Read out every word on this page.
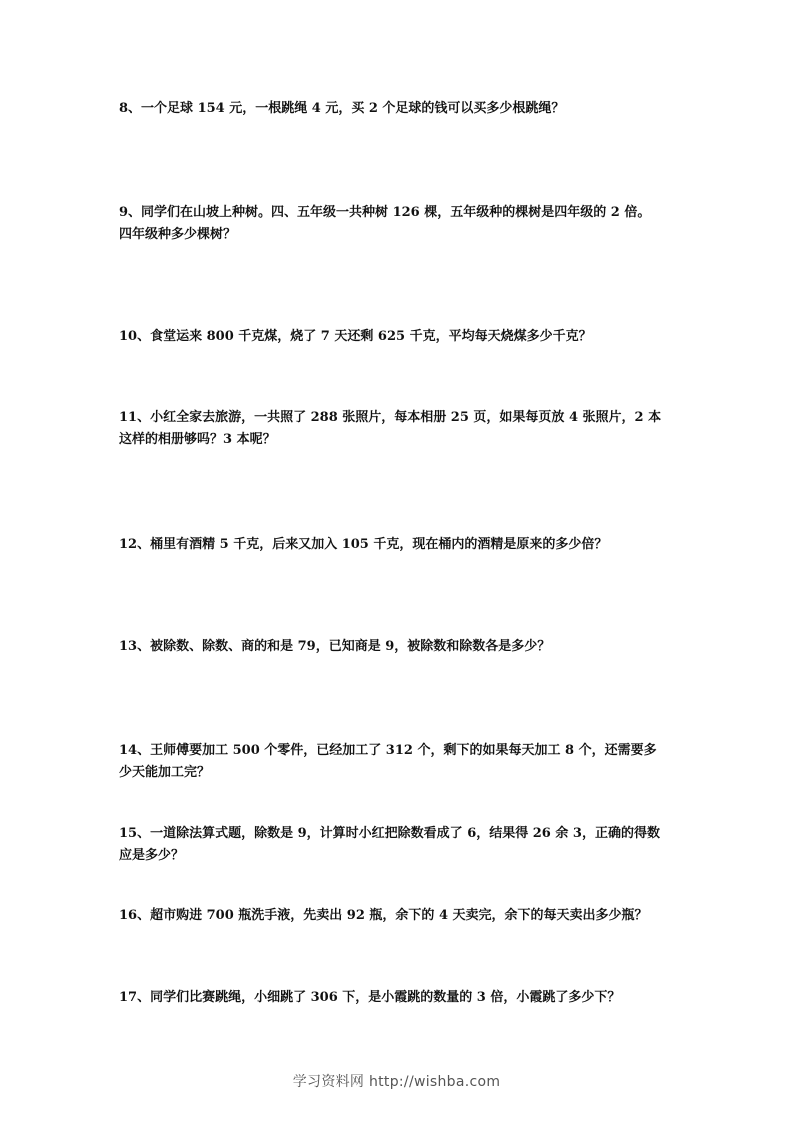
8、一个足球 154 元，一根跳绳 4 元，买 2 个足球的钱可以买多少根跳绳？
9、同学们在山坡上种树。四、五年级一共种树 126 棵，五年级种的棵树是四年级的 2 倍。
四年级种多少棵树？
10、食堂运来 800 千克煤，烧了 7 天还剩 625 千克，平均每天烧煤多少千克？
11、小红全家去旅游，一共照了 288 张照片，每本相册 25 页，如果每页放 4 张照片，2 本
这样的相册够吗？3 本呢？
12、桶里有酒精 5 千克，后来又加入 105 千克，现在桶内的酒精是原来的多少倍？
13、被除数、除数、商的和是 79，已知商是 9，被除数和除数各是多少？
14、王师傅要加工 500 个零件，已经加工了 312 个，剩下的如果每天加工 8 个，还需要多
少天能加工完？
15、一道除法算式题，除数是 9，计算时小红把除数看成了 6，结果得 26 余 3，正确的得数
应是多少？
16、超市购进 700 瓶洗手液，先卖出 92 瓶，余下的 4 天卖完，余下的每天卖出多少瓶？
17、同学们比赛跳绳，小细跳了 306 下，是小霞跳的数量的 3 倍，小霞跳了多少下？
学习资料网 http://wishba.com
